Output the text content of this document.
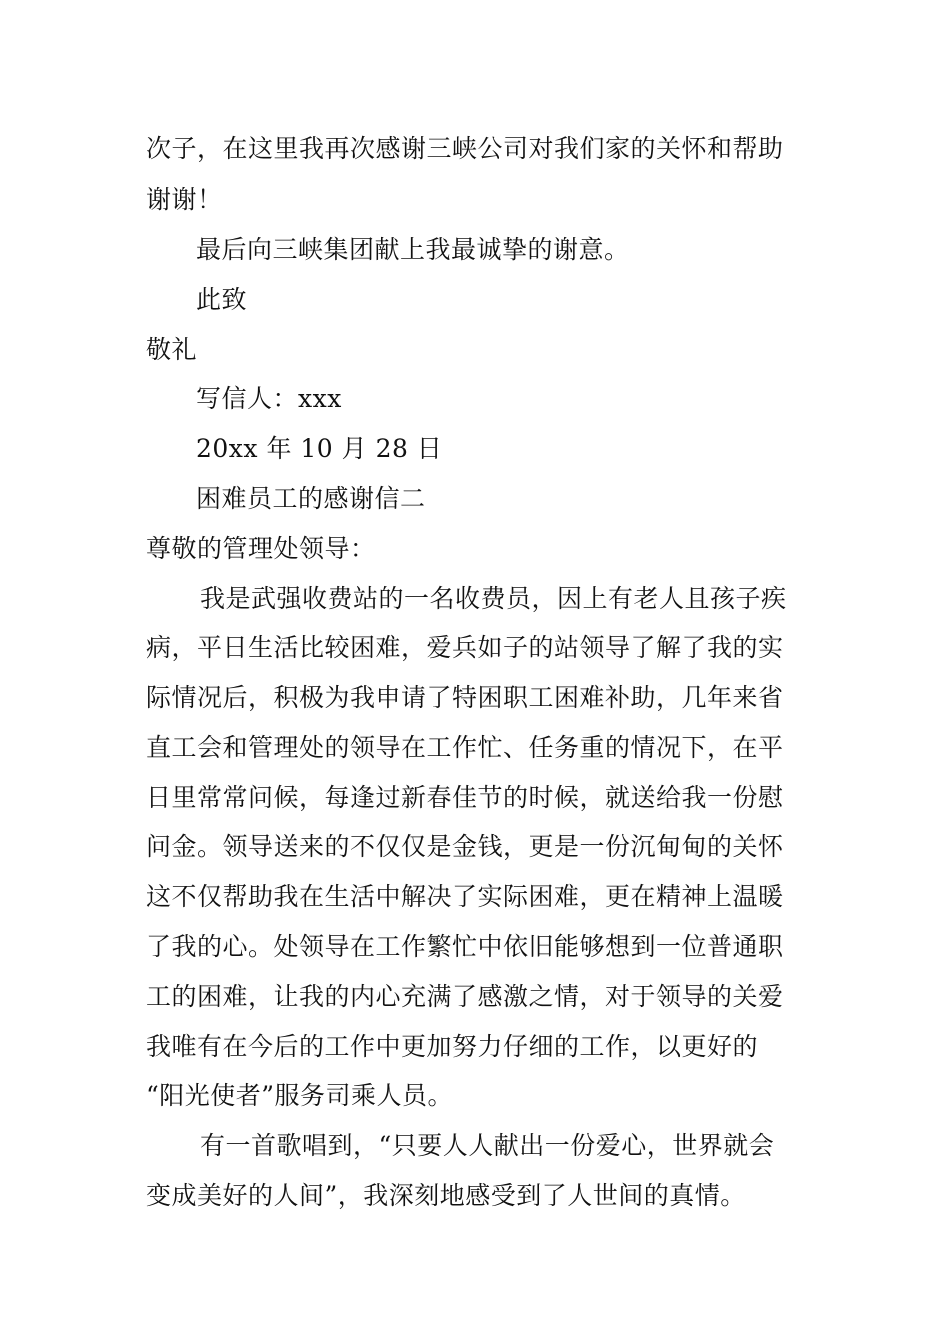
次子，在这里我再次感谢三峡公司对我们家的关怀和帮助
谢谢！
最后向三峡集团献上我最诚挚的谢意。
此致
敬礼
写信人：xxx
20xx 年 10 月 28 日
困难员工的感谢信二
尊敬的管理处领导：
我是武强收费站的一名收费员，因上有老人且孩子疾
病，平日生活比较困难，爱兵如子的站领导了解了我的实
际情况后，积极为我申请了特困职工困难补助，几年来省
直工会和管理处的领导在工作忙、任务重的情况下，在平
日里常常问候，每逢过新春佳节的时候，就送给我一份慰
问金。领导送来的不仅仅是金钱，更是一份沉甸甸的关怀
这不仅帮助我在生活中解决了实际困难，更在精神上温暖
了我的心。处领导在工作繁忙中依旧能够想到一位普通职
工的困难，让我的内心充满了感激之情，对于领导的关爱
我唯有在今后的工作中更加努力仔细的工作，以更好的
“阳光使者”服务司乘人员。
有一首歌唱到，“只要人人献出一份爱心，世界就会
变成美好的人间”，我深刻地感受到了人世间的真情。
